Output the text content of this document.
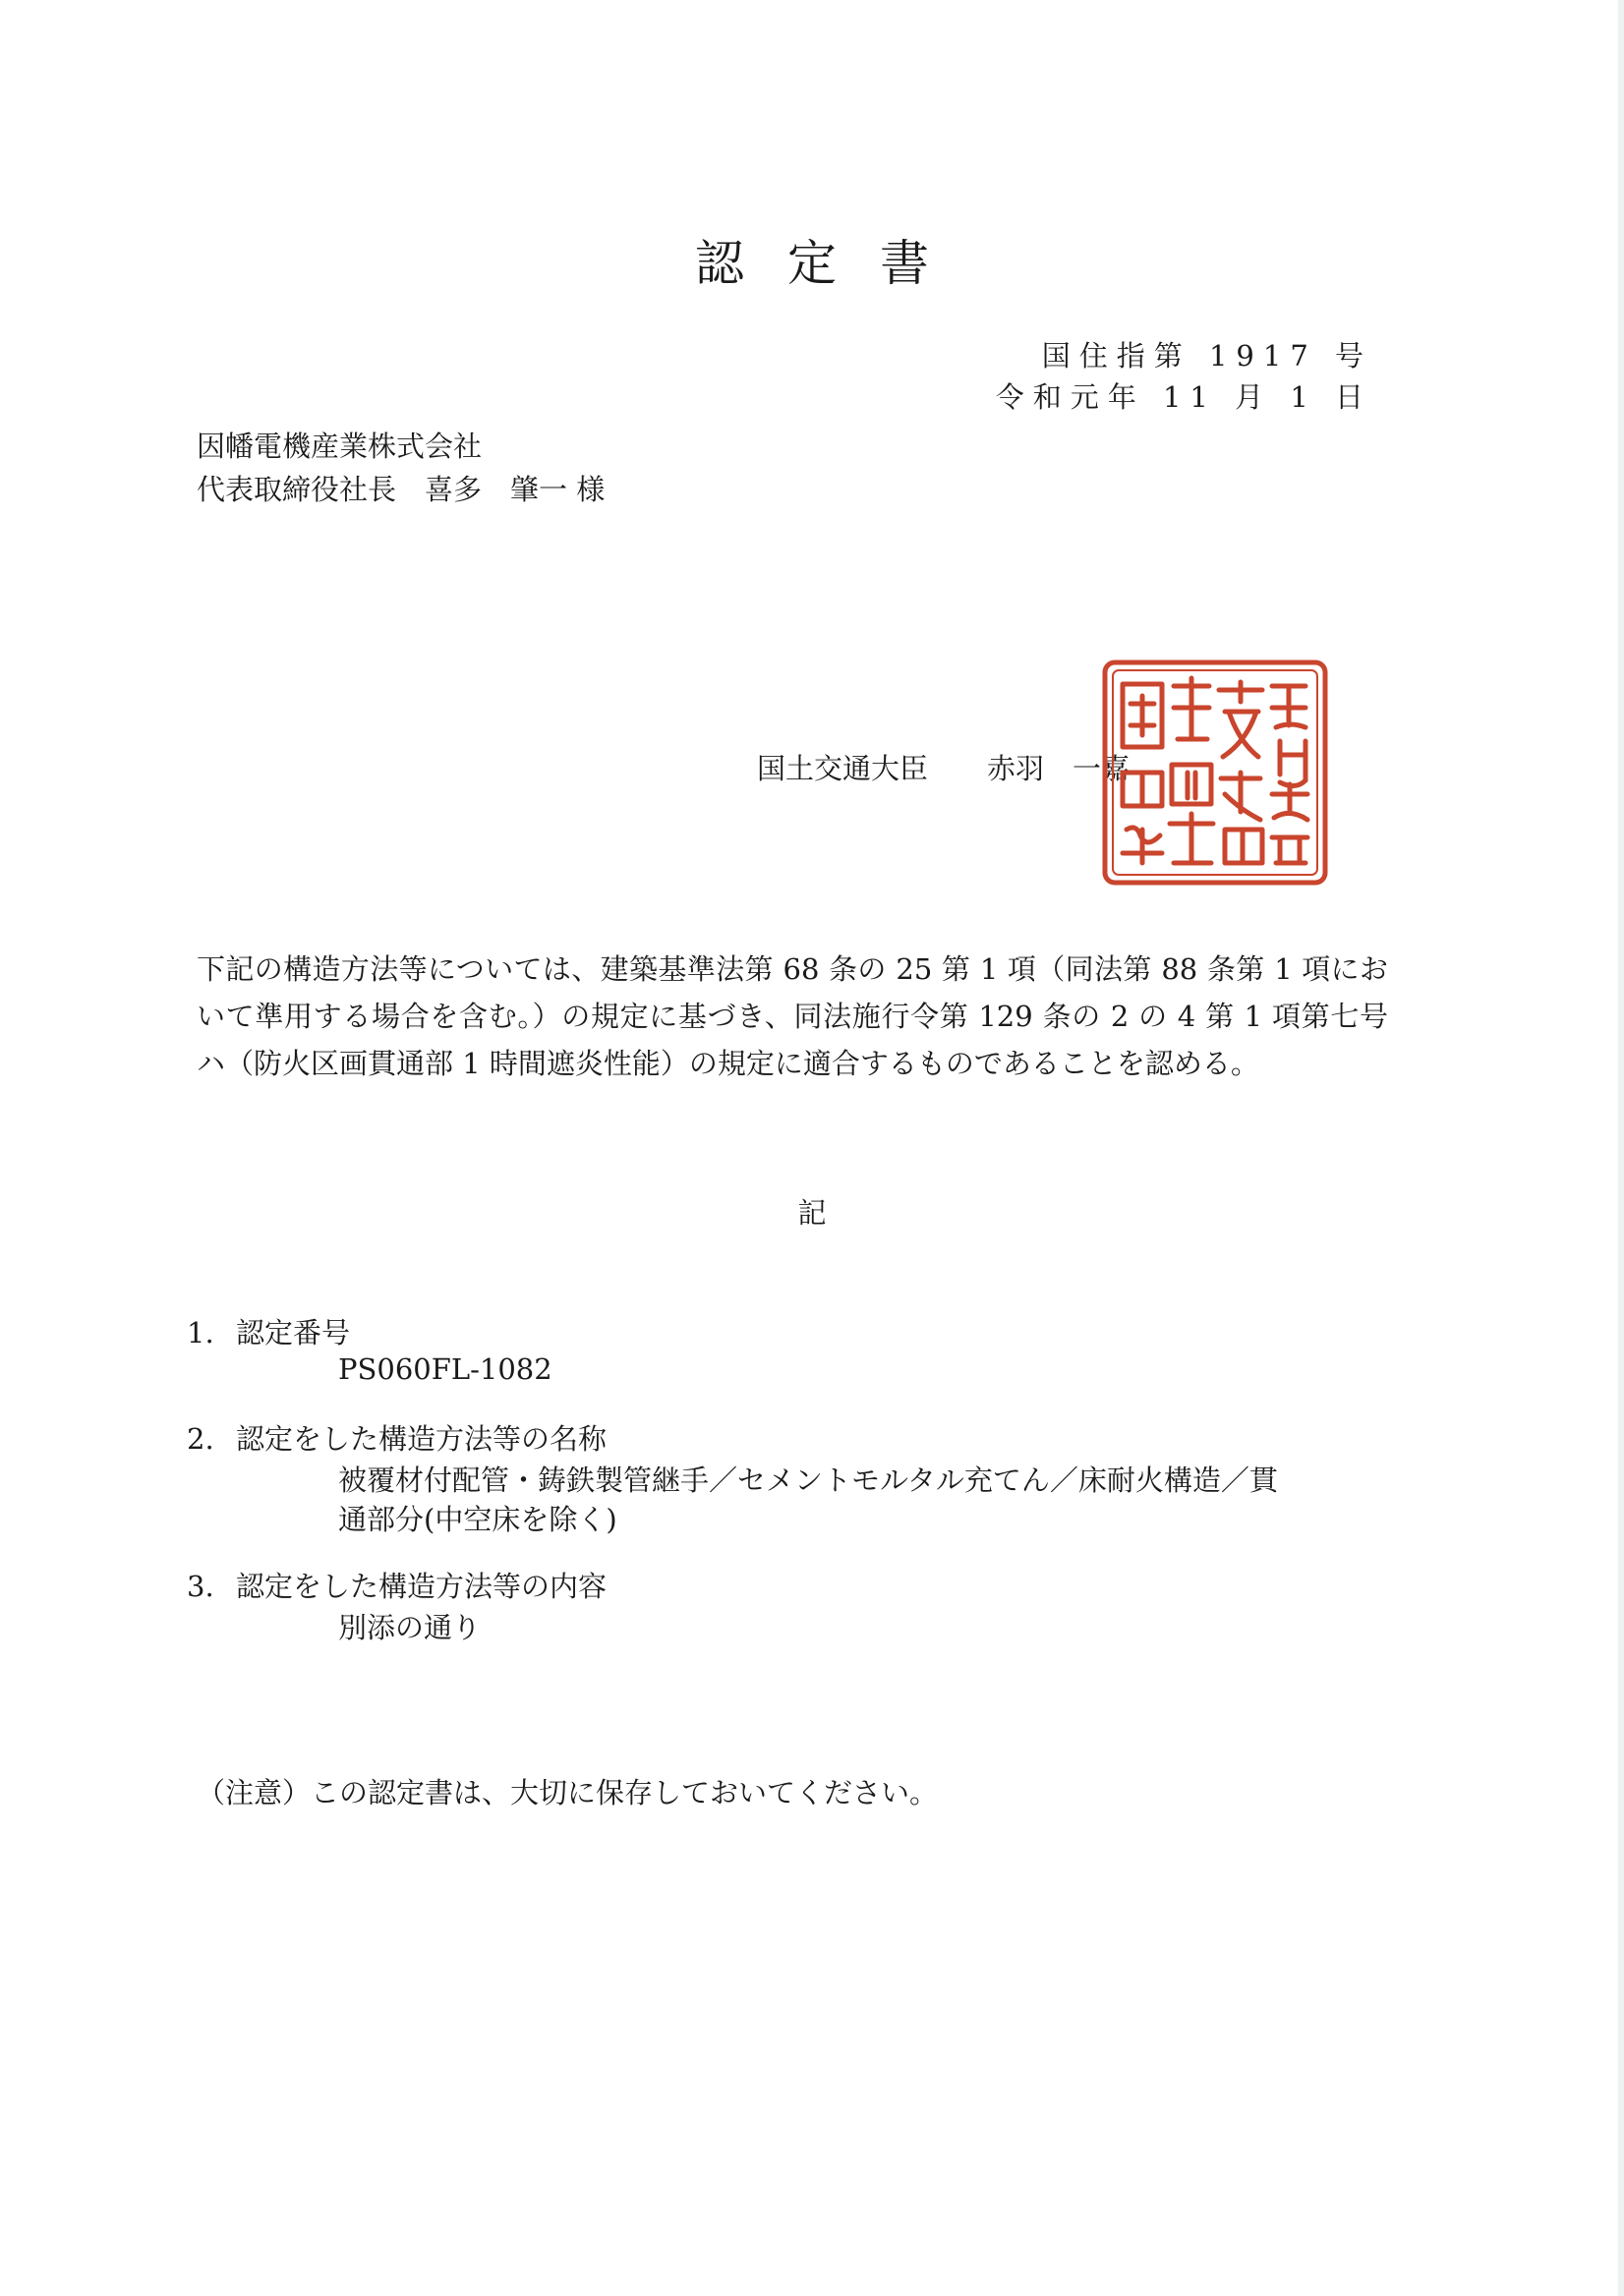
認定書
国住指第 1917 号
令和元年 11 月 1 日
因幡電機産業株式会社
代表取締役社長　喜多　肇一 様
国土交通大臣 赤羽　一嘉
下記の構造方法等については、建築基準法第 68 条の 25 第 1 項（同法第 88 条第 1 項において準用する場合を含む。）の規定に基づき、同法施行令第 129 条の 2 の 4 第 1 項第七号ハ（防火区画貫通部 1 時間遮炎性能）の規定に適合するものであることを認める。
記
1. 認定番号
PS060FL-1082
2. 認定をした構造方法等の名称
被覆材付配管・鋳鉄製管継手／セメントモルタル充てん／床耐火構造／貫
通部分(中空床を除く)
3. 認定をした構造方法等の内容
別添の通り
（注意）この認定書は、大切に保存しておいてください。
